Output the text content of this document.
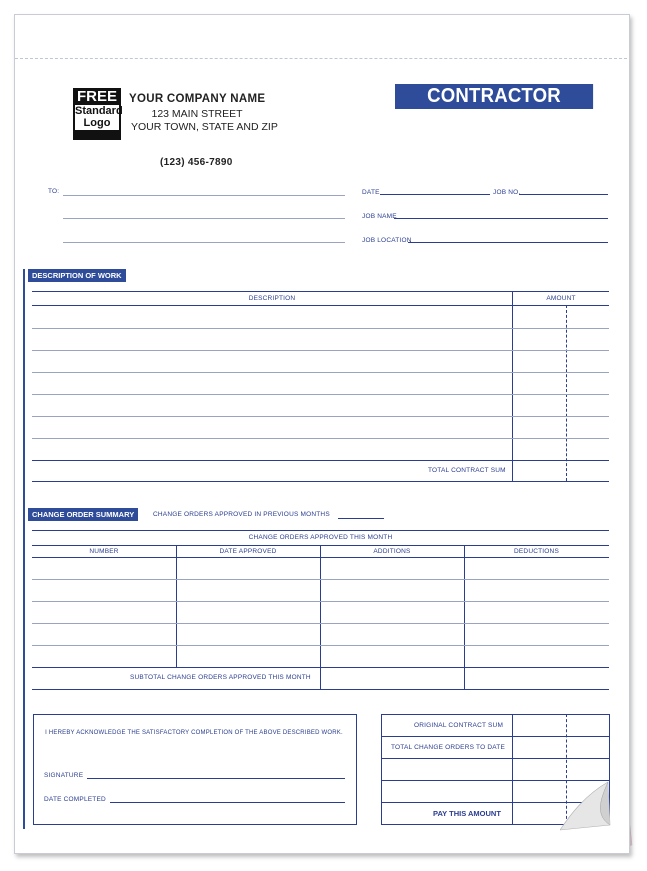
FREE
Standard
Logo
YOUR COMPANY NAME
123 MAIN STREET
YOUR TOWN, STATE AND ZIP
(123) 456-7890
CONTRACTOR INVOICE
TO:	DATE	JOB NO.
JOB NAME
JOB LOCATION
DESCRIPTION OF WORK
DESCRIPTION	AMOUNT
TOTAL CONTRACT SUM
CHANGE ORDER SUMMARY	CHANGE ORDERS APPROVED IN PREVIOUS MONTHS
CHANGE ORDERS APPROVED THIS MONTH
NUMBER	DATE APPROVED	ADDITIONS	DEDUCTIONS
SUBTOTAL CHANGE ORDERS APPROVED THIS MONTH
I HEREBY ACKNOWLEDGE THE SATISFACTORY COMPLETION OF THE ABOVE DESCRIBED WORK.
SIGNATURE
DATE COMPLETED
ORIGINAL CONTRACT SUM
TOTAL CHANGE ORDERS TO DATE
PAY THIS AMOUNT
